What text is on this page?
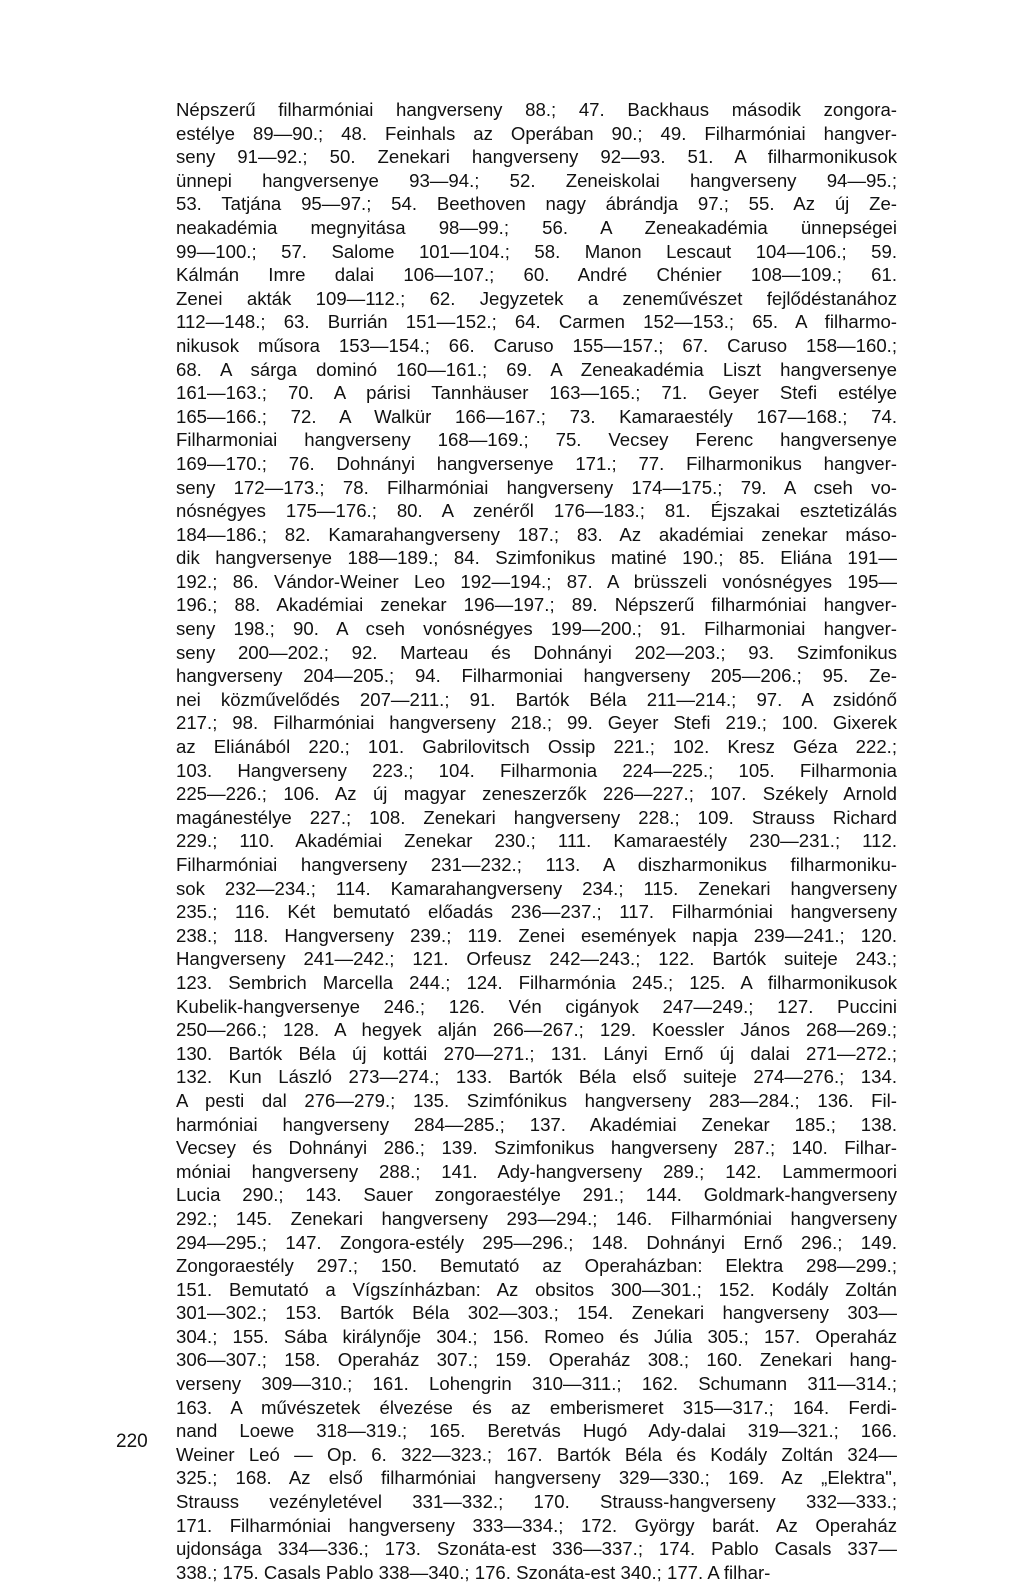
Népszerű filharmóniai hangverseny 88.; 47. Backhaus második zongora-
estélye 89—90.; 48. Feinhals az Operában 90.; 49. Filharmóniai hangver-
seny 91—92.; 50. Zenekari hangverseny 92—93. 51. A filharmonikusok
ünnepi hangversenye 93—94.; 52. Zeneiskolai hangverseny 94—95.;
53. Tatjána 95—97.; 54. Beethoven nagy ábrándja 97.; 55. Az új Ze-
neakadémia megnyitása 98—99.; 56. A Zeneakadémia ünnepségei
99—100.; 57. Salome 101—104.; 58. Manon Lescaut 104—106.; 59.
Kálmán Imre dalai 106—107.; 60. André Chénier 108—109.; 61.
Zenei akták 109—112.; 62. Jegyzetek a zeneművészet fejlődéstanához
112—148.; 63. Burrián 151—152.; 64. Carmen 152—153.; 65. A filharmo-
nikusok műsora 153—154.; 66. Caruso 155—157.; 67. Caruso 158—160.;
68. A sárga dominó 160—161.; 69. A Zeneakadémia Liszt hangversenye
161—163.; 70. A párisi Tannhäuser 163—165.; 71. Geyer Stefi estélye
165—166.; 72. A Walkür 166—167.; 73. Kamaraestély 167—168.; 74.
Filharmoniai hangverseny 168—169.; 75. Vecsey Ferenc hangversenye
169—170.; 76. Dohnányi hangversenye 171.; 77. Filharmonikus hangver-
seny 172—173.; 78. Filharmóniai hangverseny 174—175.; 79. A cseh vo-
nósnégyes 175—176.; 80. A zenéről 176—183.; 81. Éjszakai esztetizálás
184—186.; 82. Kamarahangverseny 187.; 83. Az akadémiai zenekar máso-
dik hangversenye 188—189.; 84. Szimfonikus matiné 190.; 85. Eliána 191—
192.; 86. Vándor-Weiner Leo 192—194.; 87. A brüsszeli vonósnégyes 195—
196.; 88. Akadémiai zenekar 196—197.; 89. Népszerű filharmóniai hangver-
seny 198.; 90. A cseh vonósnégyes 199—200.; 91. Filharmoniai hangver-
seny 200—202.; 92. Marteau és Dohnányi 202—203.; 93. Szimfonikus
hangverseny 204—205.; 94. Filharmoniai hangverseny 205—206.; 95. Ze-
nei közművelődés 207—211.; 91. Bartók Béla 211—214.; 97. A zsidónő
217.; 98. Filharmóniai hangverseny 218.; 99. Geyer Stefi 219.; 100. Gixerek
az Eliánából 220.; 101. Gabrilovitsch Ossip 221.; 102. Kresz Géza 222.;
103. Hangverseny 223.; 104. Filharmonia 224—225.; 105. Filharmonia
225—226.; 106. Az új magyar zeneszerzők 226—227.; 107. Székely Arnold
magánestélye 227.; 108. Zenekari hangverseny 228.; 109. Strauss Richard
229.; 110. Akadémiai Zenekar 230.; 111. Kamaraestély 230—231.; 112.
Filharmóniai hangverseny 231—232.; 113. A diszharmonikus filharmoniku-
sok 232—234.; 114. Kamarahangverseny 234.; 115. Zenekari hangverseny
235.; 116. Két bemutató előadás 236—237.; 117. Filharmóniai hangverseny
238.; 118. Hangverseny 239.; 119. Zenei események napja 239—241.; 120.
Hangverseny 241—242.; 121. Orfeusz 242—243.; 122. Bartók suiteje 243.;
123. Sembrich Marcella 244.; 124. Filharmónia 245.; 125. A filharmonikusok
Kubelik-hangversenye 246.; 126. Vén cigányok 247—249.; 127. Puccini
250—266.; 128. A hegyek alján 266—267.; 129. Koessler János 268—269.;
130. Bartók Béla új kottái 270—271.; 131. Lányi Ernő új dalai 271—272.;
132. Kun László 273—274.; 133. Bartók Béla első suiteje 274—276.; 134.
A pesti dal 276—279.; 135. Szimfónikus hangverseny 283—284.; 136. Fil-
harmóniai hangverseny 284—285.; 137. Akadémiai Zenekar 185.; 138.
Vecsey és Dohnányi 286.; 139. Szimfonikus hangverseny 287.; 140. Filhar-
móniai hangverseny 288.; 141. Ady-hangverseny 289.; 142. Lammermoori
Lucia 290.; 143. Sauer zongoraestélye 291.; 144. Goldmark-hangverseny
292.; 145. Zenekari hangverseny 293—294.; 146. Filharmóniai hangverseny
294—295.; 147. Zongora-estély 295—296.; 148. Dohnányi Ernő 296.; 149.
Zongoraestély 297.; 150. Bemutató az Operaházban: Elektra 298—299.;
151. Bemutató a Vígszínházban: Az obsitos 300—301.; 152. Kodály Zoltán
301—302.; 153. Bartók Béla 302—303.; 154. Zenekari hangverseny 303—
304.; 155. Sába királynője 304.; 156. Romeo és Júlia 305.; 157. Operaház
306—307.; 158. Operaház 307.; 159. Operaház 308.; 160. Zenekari hang-
verseny 309—310.; 161. Lohengrin 310—311.; 162. Schumann 311—314.;
163. A művészetek élvezése és az emberismeret 315—317.; 164. Ferdi-
nand Loewe 318—319.; 165. Beretvás Hugó Ady-dalai 319—321.; 166.
Weiner Leó — Op. 6. 322—323.; 167. Bartók Béla és Kodály Zoltán 324—
325.; 168. Az első filharmóniai hangverseny 329—330.; 169. Az „Elektra",
Strauss vezényletével 331—332.; 170. Strauss-hangverseny 332—333.;
171. Filharmóniai hangverseny 333—334.; 172. György barát. Az Operaház
ujdonsága 334—336.; 173. Szonáta-est 336—337.; 174. Pablo Casals 337—
338.; 175. Casals Pablo 338—340.; 176. Szonáta-est 340.; 177. A filhar-
220
